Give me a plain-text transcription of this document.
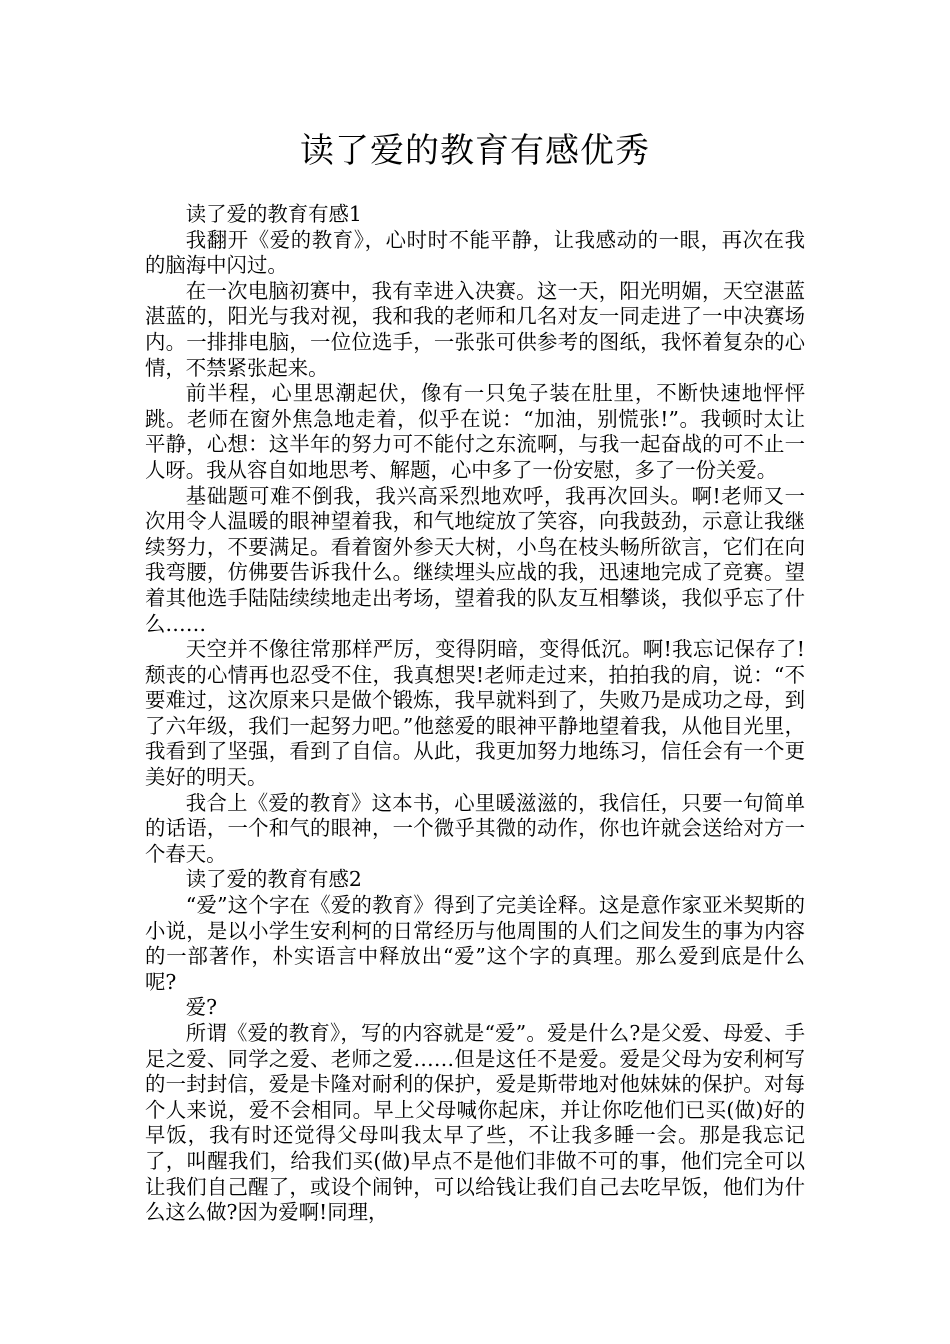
读了爱的教育有感优秀

读了爱的教育有感1

我翻开《爱的教育》，心时时不能平静，让我感动的一眼，再次在我的脑海中闪过。

在一次电脑初赛中，我有幸进入决赛。这一天，阳光明媚，天空湛蓝湛蓝的，阳光与我对视，我和我的老师和几名对友一同走进了一中决赛场内。一排排电脑，一位位选手，一张张可供参考的图纸，我怀着复杂的心情，不禁紧张起来。

前半程，心里思潮起伏，像有一只兔子装在肚里，不断快速地怦怦跳。老师在窗外焦急地走着，似乎在说：“加油，别慌张!”。我顿时太让平静，心想：这半年的努力可不能付之东流啊，与我一起奋战的可不止一人呀。我从容自如地思考、解题，心中多了一份安慰，多了一份关爱。

基础题可难不倒我，我兴高采烈地欢呼，我再次回头。啊!老师又一次用令人温暖的眼神望着我，和气地绽放了笑容，向我鼓劲，示意让我继续努力，不要满足。看着窗外参天大树，小鸟在枝头畅所欲言，它们在向我弯腰，仿佛要告诉我什么。继续埋头应战的我，迅速地完成了竞赛。望着其他选手陆陆续续地走出考场，望着我的队友互相攀谈，我似乎忘了什么……

天空并不像往常那样严厉，变得阴暗，变得低沉。啊!我忘记保存了!颓丧的心情再也忍受不住，我真想哭!老师走过来，拍拍我的肩，说：“不要难过，这次原来只是做个锻炼，我早就料到了，失败乃是成功之母，到了六年级，我们一起努力吧。”他慈爱的眼神平静地望着我，从他目光里，我看到了坚强，看到了自信。从此，我更加努力地练习，信任会有一个更美好的明天。

我合上《爱的教育》这本书，心里暖滋滋的，我信任，只要一句简单的话语，一个和气的眼神，一个微乎其微的动作，你也许就会送给对方一个春天。

读了爱的教育有感2

“爱”这个字在《爱的教育》得到了完美诠释。这是意作家亚米契斯的小说，是以小学生安利柯的日常经历与他周围的人们之间发生的事为内容的一部著作，朴实语言中释放出“爱”这个字的真理。那么爱到底是什么呢?

爱?

所谓《爱的教育》，写的内容就是“爱”。爱是什么?是父爱、母爱、手足之爱、同学之爱、老师之爱……但是这任不是爱。爱是父母为安利柯写的一封封信，爱是卡隆对耐利的保护，爱是斯带地对他妹妹的保护。对每个人来说，爱不会相同。早上父母喊你起床，并让你吃他们已买(做)好的早饭，我有时还觉得父母叫我太早了些，不让我多睡一会。那是我忘记了，叫醒我们，给我们买(做)早点不是他们非做不可的事，他们完全可以让我们自己醒了，或设个闹钟，可以给钱让我们自己去吃早饭，他们为什么这么做?因为爱啊!同理，
